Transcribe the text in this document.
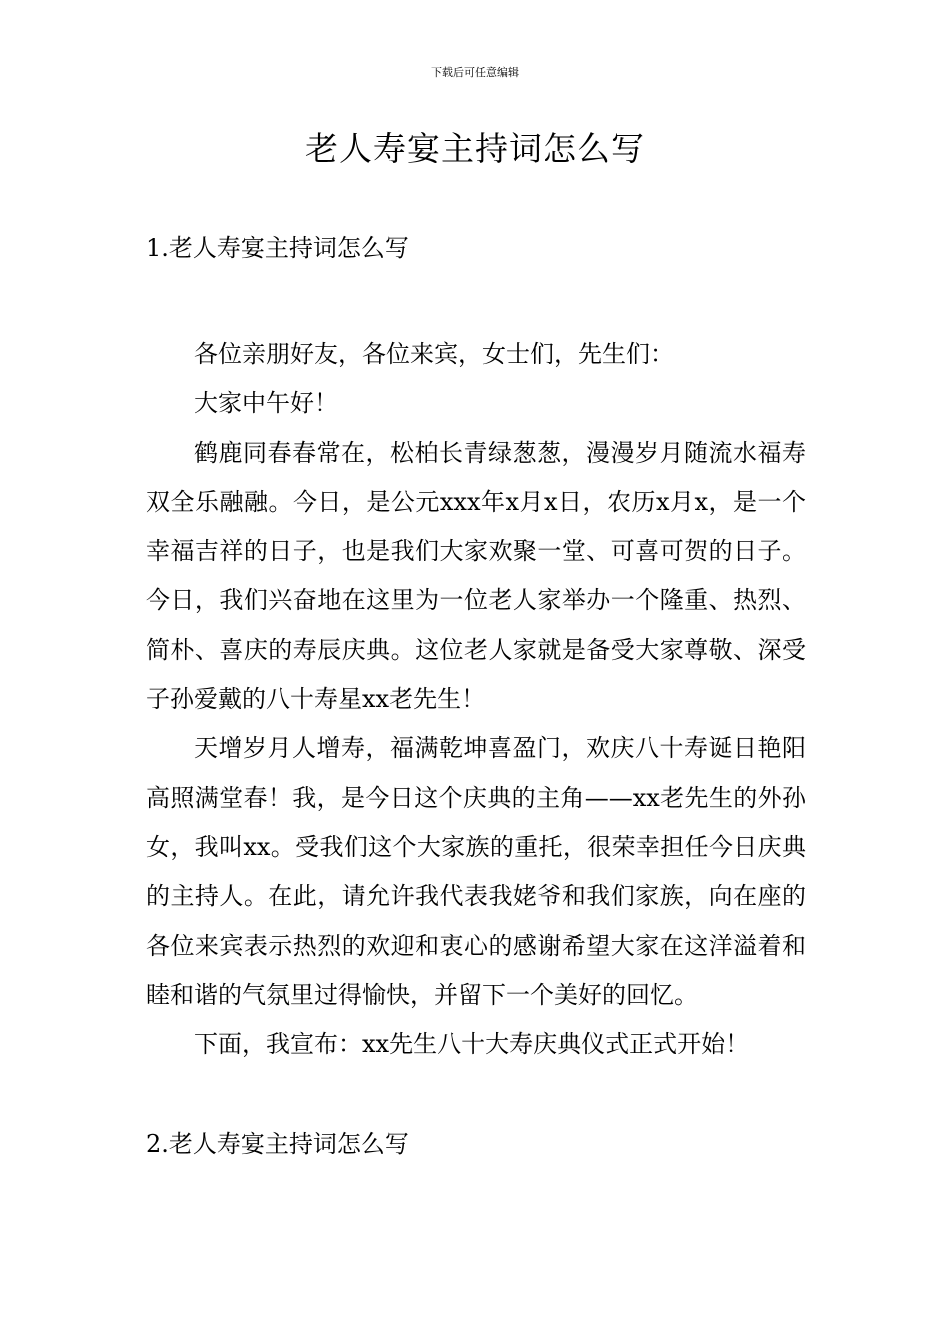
下载后可任意编辑
老人寿宴主持词怎么写
1.老人寿宴主持词怎么写

各位亲朋好友，各位来宾，女士们，先生们：

大家中午好！

鹤鹿同春春常在，松柏长青绿葱葱，漫漫岁月随流水福寿双全乐融融。今日，是公元xxx年x月x日，农历x月x，是一个幸福吉祥的日子，也是我们大家欢聚一堂、可喜可贺的日子。今日，我们兴奋地在这里为一位老人家举办一个隆重、热烈、简朴、喜庆的寿辰庆典。这位老人家就是备受大家尊敬、深受子孙爱戴的八十寿星xx老先生！

天增岁月人增寿，福满乾坤喜盈门，欢庆八十寿诞日艳阳高照满堂春！我，是今日这个庆典的主角——xx老先生的外孙女，我叫xx。受我们这个大家族的重托，很荣幸担任今日庆典的主持人。在此，请允许我代表我姥爷和我们家族，向在座的各位来宾表示热烈的欢迎和衷心的感谢希望大家在这洋溢着和睦和谐的气氛里过得愉快，并留下一个美好的回忆。

下面，我宣布：xx先生八十大寿庆典仪式正式开始！

2.老人寿宴主持词怎么写
